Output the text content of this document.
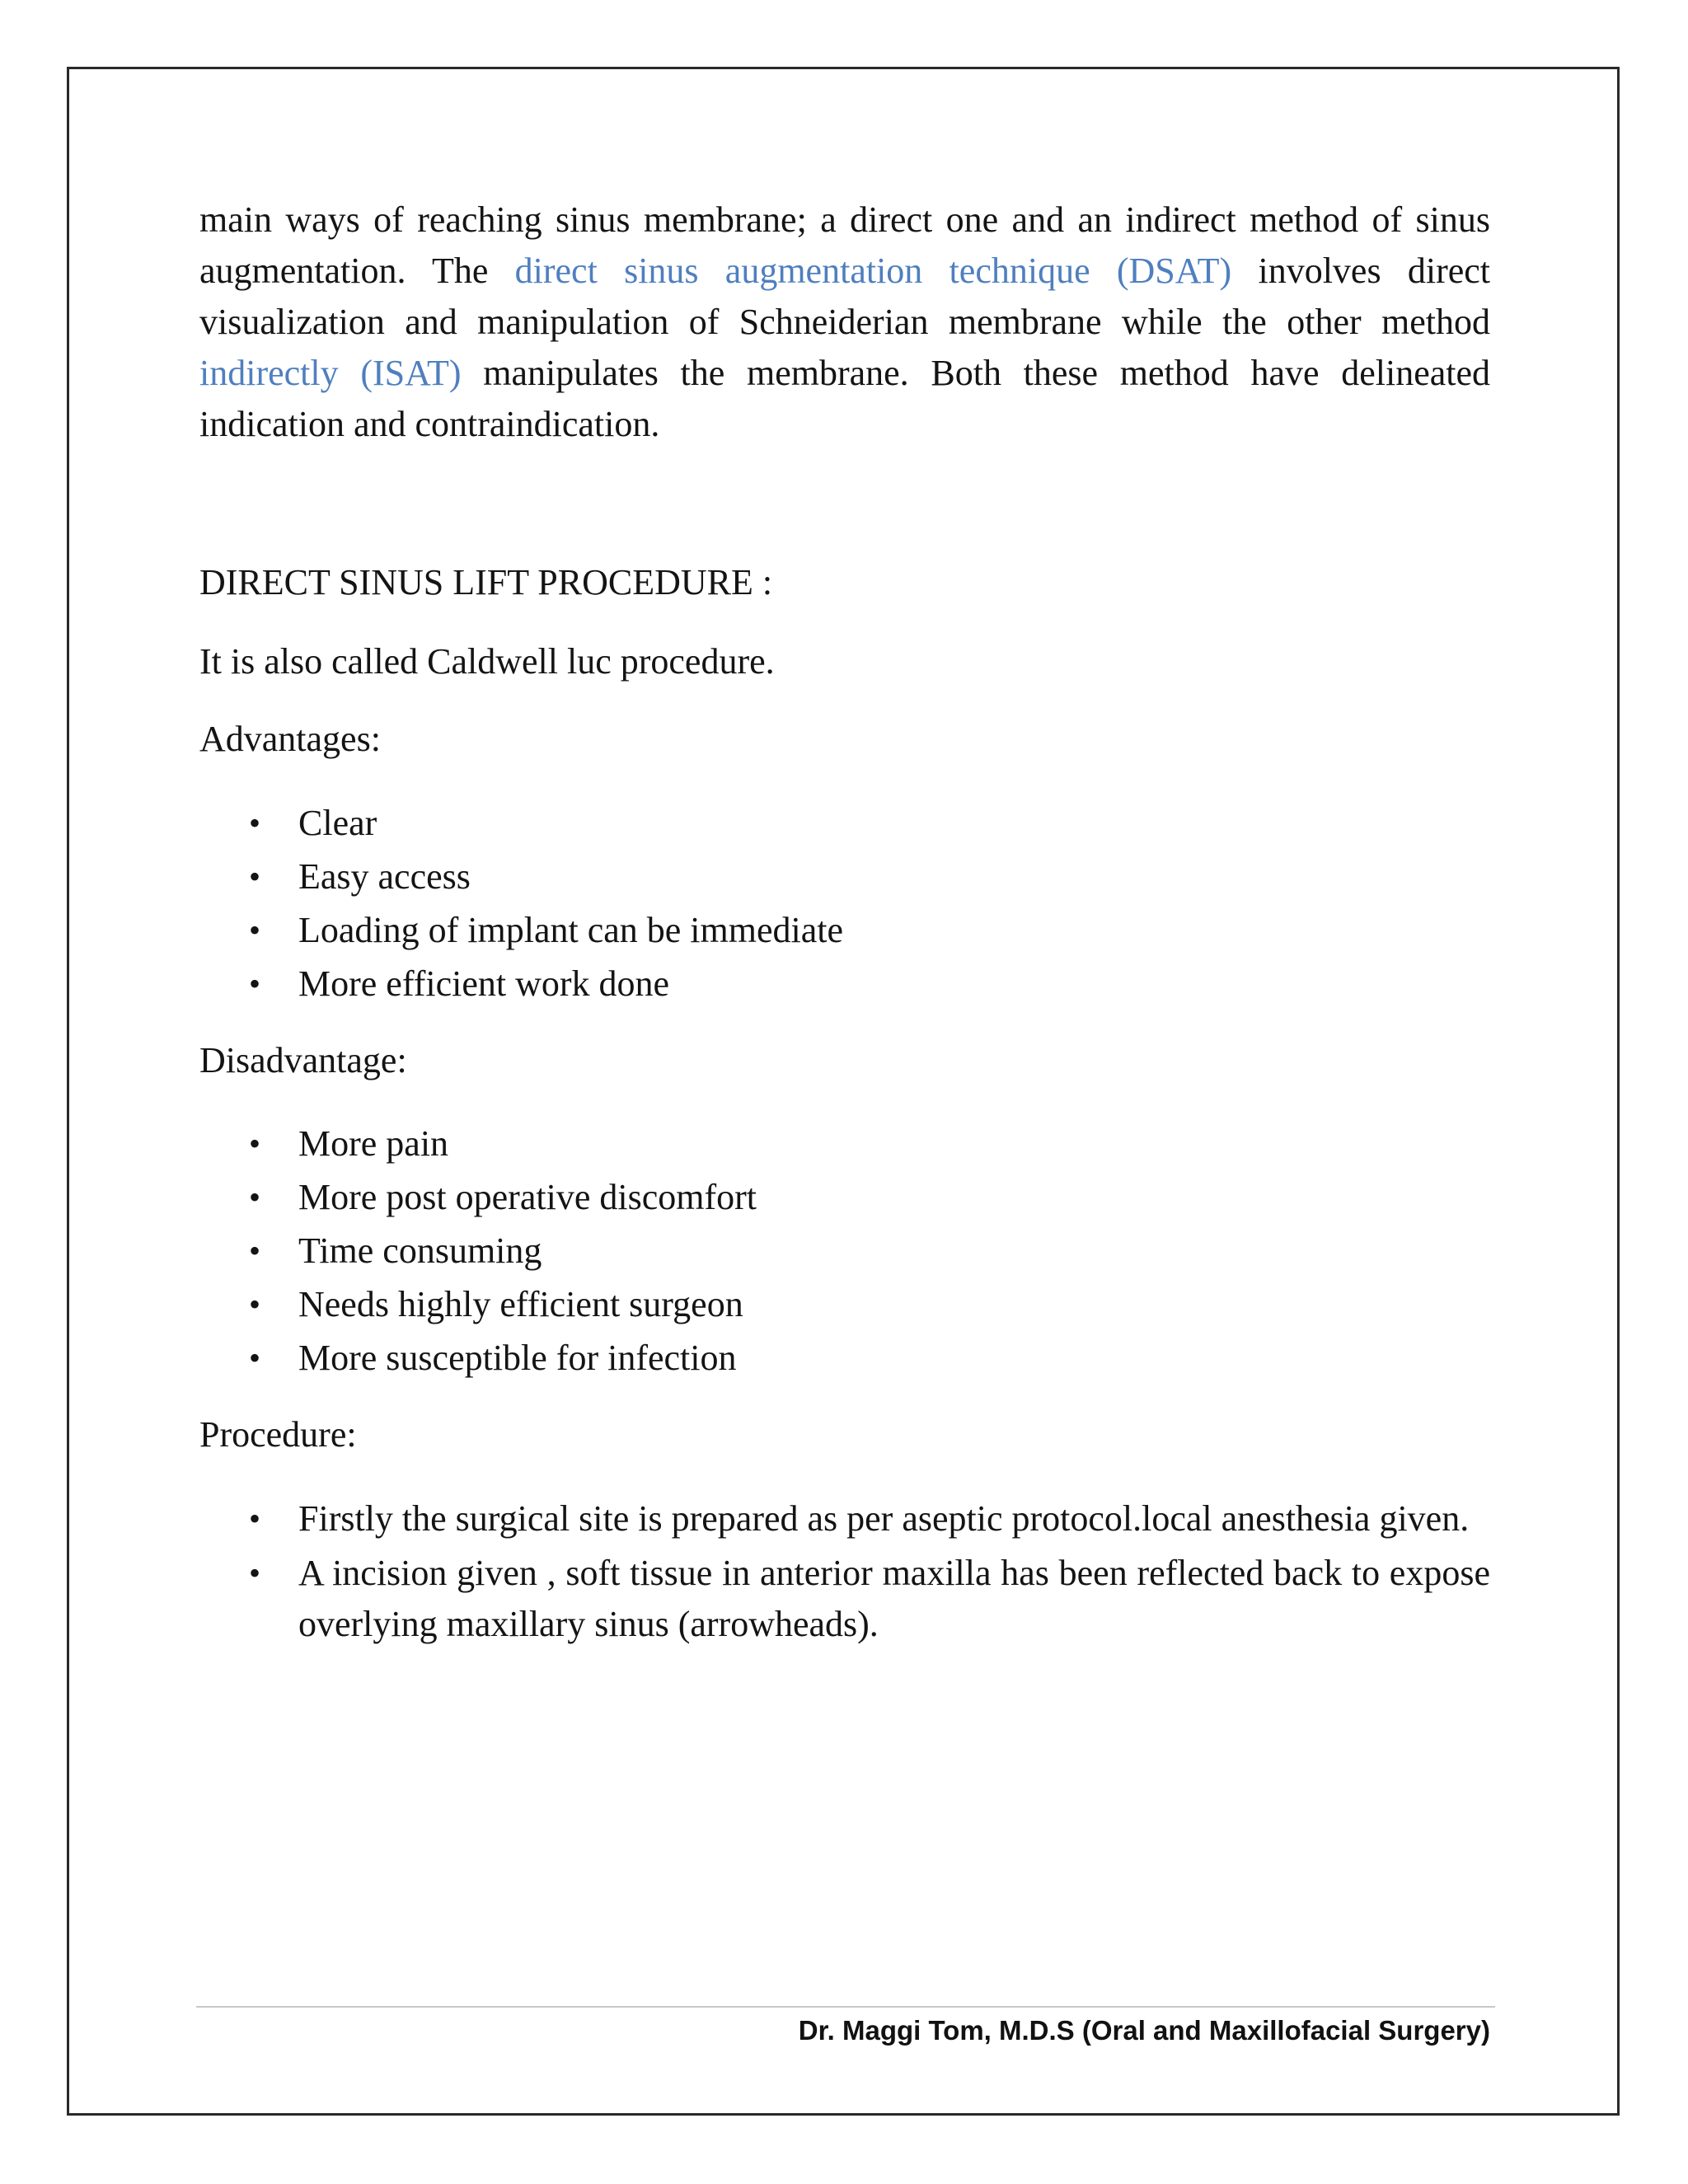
main ways of reaching sinus membrane; a direct one and an indirect method of sinus augmentation. The direct sinus augmentation technique (DSAT) involves direct visualization and manipulation of Schneiderian membrane while the other method indirectly (ISAT) manipulates the membrane. Both these method have delineated indication and contraindication.

DIRECT SINUS LIFT PROCEDURE :

It is also called Caldwell luc procedure.

Advantages:

• Clear
• Easy access
• Loading of implant can be immediate
• More efficient work done

Disadvantage:

• More pain
• More post operative discomfort
• Time consuming
• Needs highly efficient surgeon
• More susceptible for infection

Procedure:

• Firstly the surgical site is prepared as per aseptic protocol.local anesthesia given.
• A incision given , soft tissue in anterior maxilla has been reflected back to expose overlying maxillary sinus (arrowheads).
Dr. Maggi Tom, M.D.S (Oral and Maxillofacial Surgery)
